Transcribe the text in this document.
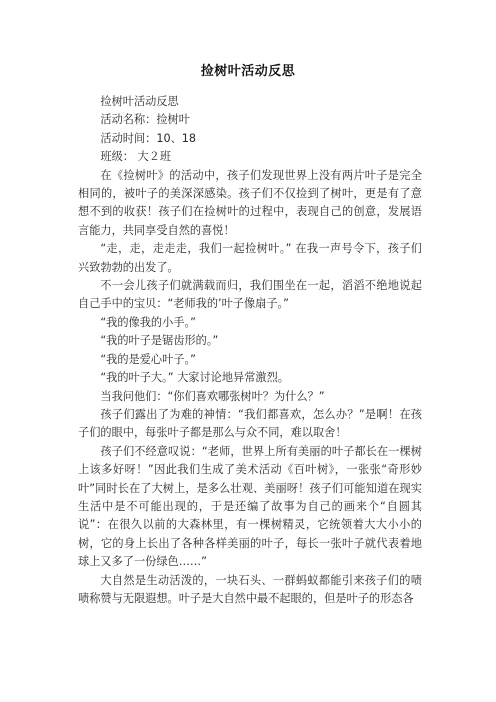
捡树叶活动反思

捡树叶活动反思

活动名称：捡树叶

活动时间：10、18

班级： 大２班

在《捡树叶》的活动中，孩子们发现世界上没有两片叶子是完全相同的，被叶子的美深深感染。孩子们不仅捡到了树叶，更是有了意想不到的收获！孩子们在捡树叶的过程中，表现自己的创意，发展语言能力，共同享受自然的喜悦！

“走，走，走走走，我们一起捡树叶。” 在我一声号令下，孩子们兴致勃勃的出发了。

不一会儿孩子们就满载而归，我们围坐在一起，滔滔不绝地说起自己手中的宝贝：“老师我的’叶子像扇子。”

“我的像我的小手。”

“我的叶子是锯齿形的。”

“我的是爱心叶子。”

“我的叶子大。” 大家讨论地异常激烈。

当我问他们：“你们喜欢哪张树叶？为什么？”

孩子们露出了为难的神情：“我们都喜欢，怎么办？”是啊！在孩子们的眼中，每张叶子都是那么与众不同，难以取舍！

孩子们不经意叹说：“老师，世界上所有美丽的叶子都长在一棵树上该多好呀！”因此我们生成了美术活动《百叶树》，一张张“奇形妙叶”同时长在了大树上，是多么壮观、美丽呀！孩子们可能知道在现实生活中是不可能出现的，于是还编了故事为自己的画来个“自圆其说”：在很久以前的大森林里，有一棵树精灵，它统领着大大小小的树，它的身上长出了各种各样美丽的叶子，每长一张叶子就代表着地球上又多了一份绿色……”

大自然是生动活泼的，一块石头、一群蚂蚁都能引来孩子们的啧啧称赞与无限遐想。叶子是大自然中最不起眼的，但是叶子的形态各
